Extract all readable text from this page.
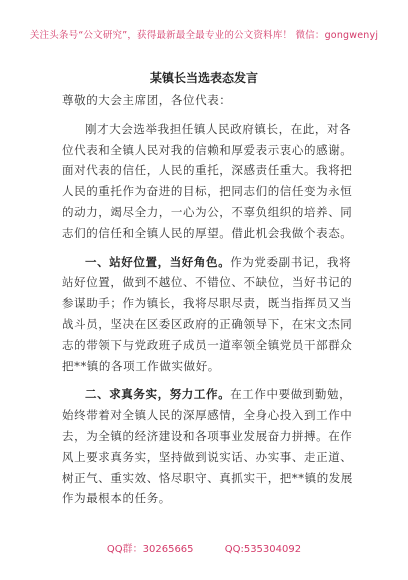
关注头条号“公文研究”，获得最新最全最专业的公文资料库！ 微信：gongwenyj
某镇长当选表态发言
尊敬的大会主席团，各位代表：
刚才大会选举我担任镇人民政府镇长，在此，对各位代表和全镇人民对我的信赖和厚爱表示衷心的感谢。面对代表的信任，人民的重托，深感责任重大。我将把人民的重托作为奋进的目标，把同志们的信任变为永恒的动力，竭尽全力，一心为公，不辜负组织的培养、同志们的信任和全镇人民的厚望。借此机会我做个表态。
一、站好位置，当好角色。作为党委副书记，我将站好位置，做到不越位、不错位、不缺位，当好书记的参谋助手；作为镇长，我将尽职尽责，既当指挥员又当战斗员，坚决在区委区政府的正确领导下，在宋文杰同志的带领下与党政班子成员一道率领全镇党员干部群众把**镇的各项工作做实做好。
二、求真务实，努力工作。在工作中要做到勤勉，始终带着对全镇人民的深厚感情，全身心投入到工作中去，为全镇的经济建设和各项事业发展奋力拼搏。在作风上要求真务实，坚持做到说实话、办实事、走正道、树正气、重实效、恪尽职守、真抓实干，把**镇的发展作为最根本的任务。
QQ群：30265665	QQ:535304092
